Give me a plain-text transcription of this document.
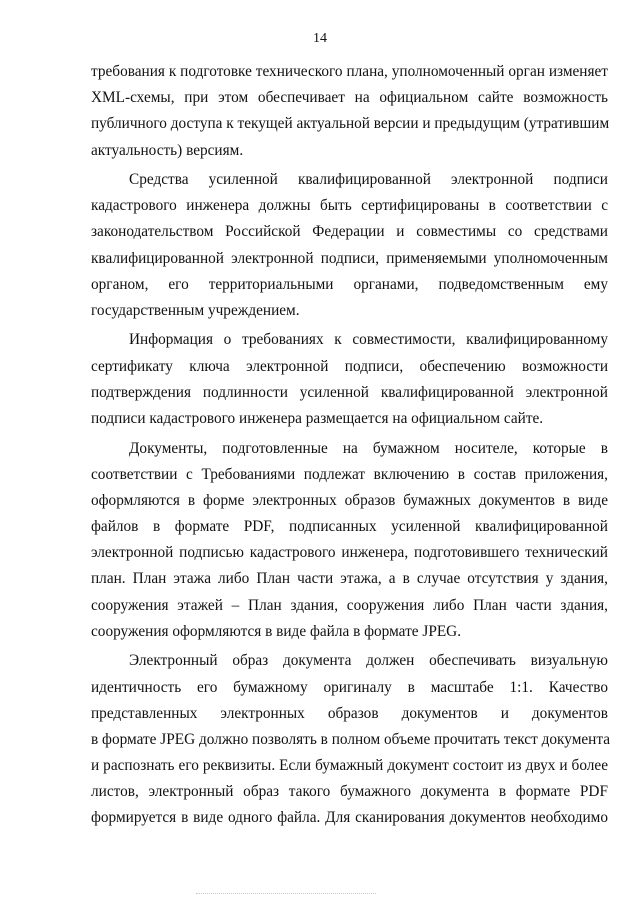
14
требования к подготовке технического плана, уполномоченный орган изменяет
XML-схемы, при этом обеспечивает на официальном сайте возможность
публичного доступа к текущей актуальной версии и предыдущим (утратившим
актуальность) версиям.
Средства усиленной квалифицированной электронной подписи
кадастрового инженера должны быть сертифицированы в соответствии с
законодательством Российской Федерации и совместимы со средствами
квалифицированной электронной подписи, применяемыми уполномоченным
органом, его территориальными органами, подведомственным ему
государственным учреждением.
Информация о требованиях к совместимости, квалифицированному
сертификату ключа электронной подписи, обеспечению возможности
подтверждения подлинности усиленной квалифицированной электронной
подписи кадастрового инженера размещается на официальном сайте.
Документы, подготовленные на бумажном носителе, которые в
соответствии с Требованиями подлежат включению в состав приложения,
оформляются в форме электронных образов бумажных документов в виде
файлов в формате PDF, подписанных усиленной квалифицированной
электронной подписью кадастрового инженера, подготовившего технический
план. План этажа либо План части этажа, а в случае отсутствия у здания,
сооружения этажей – План здания, сооружения либо План части здания,
сооружения оформляются в виде файла в формате JPEG.
Электронный образ документа должен обеспечивать визуальную
идентичность его бумажному оригиналу в масштабе 1:1. Качество
представленных электронных образов документов и документов
в формате JPEG должно позволять в полном объеме прочитать текст документа
и распознать его реквизиты. Если бумажный документ состоит из двух и более
листов, электронный образ такого бумажного документа в формате PDF
формируется в виде одного файла. Для сканирования документов необходимо
